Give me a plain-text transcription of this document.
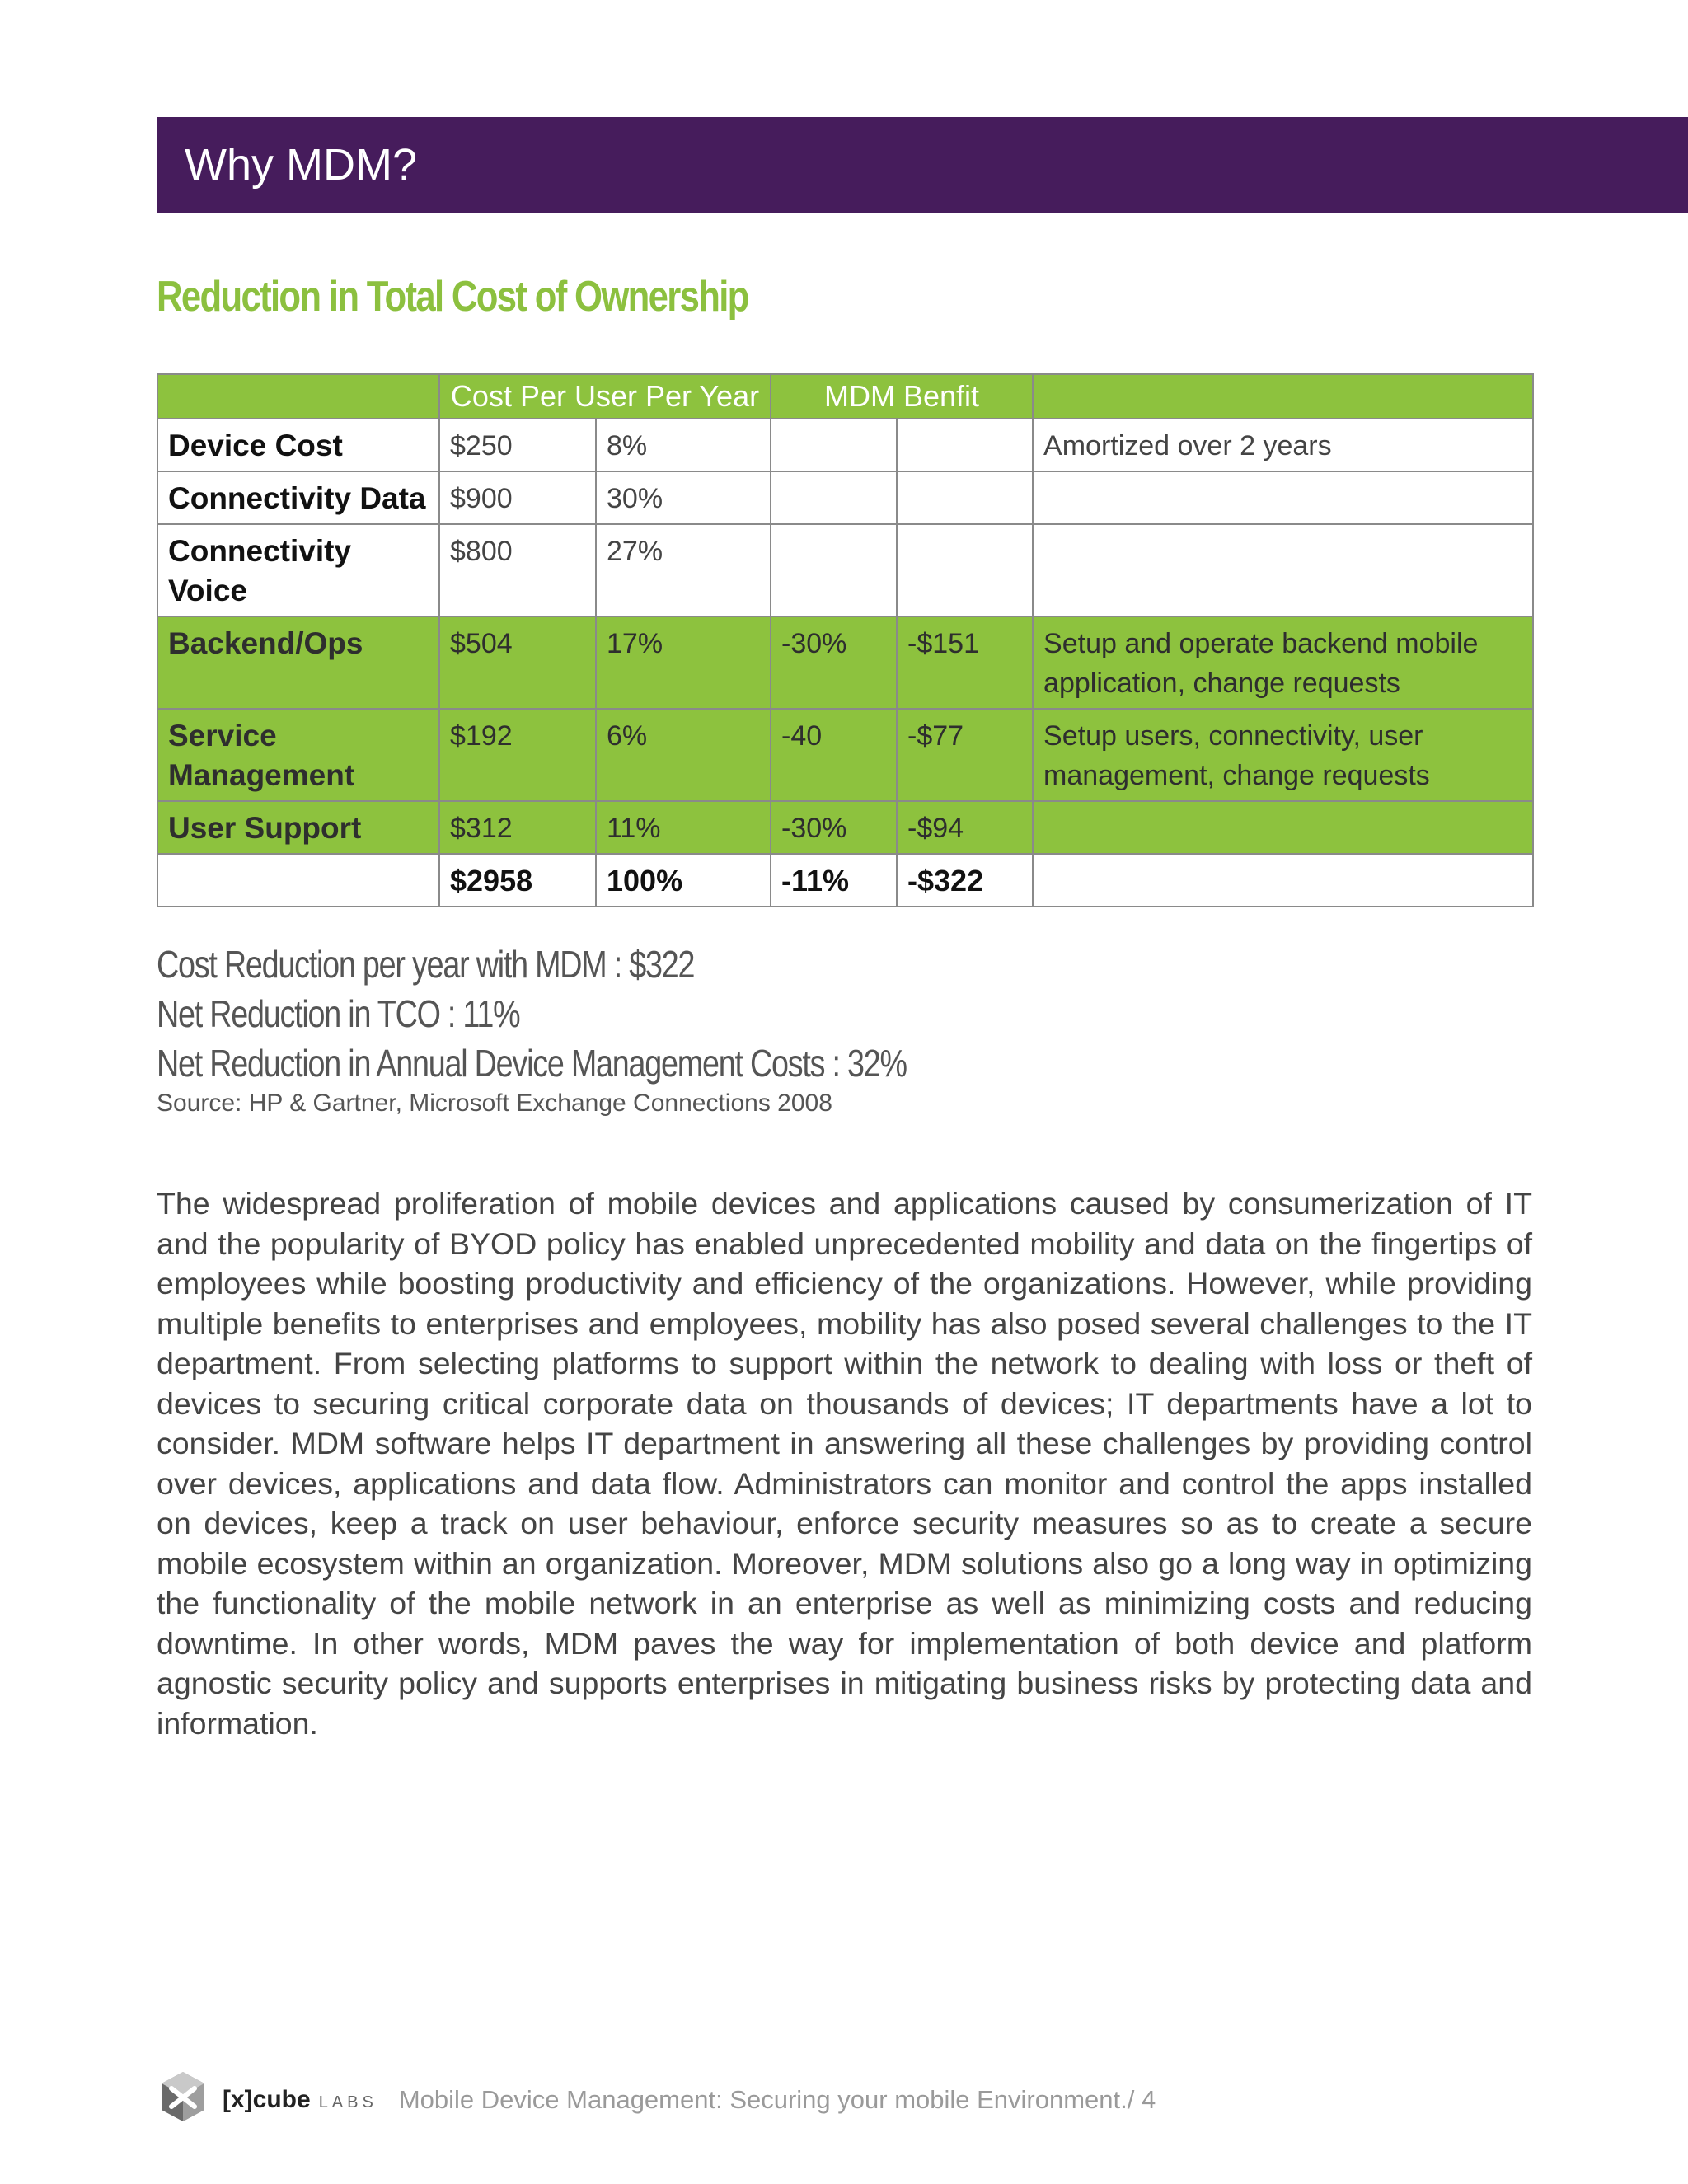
Why MDM?
Reduction in Total Cost of Ownership
	Cost Per User Per Year		MDM Benfit		
Device Cost	$250	8%			Amortized over 2 years
Connectivity Data	$900	30%			
Connectivity Voice	$800	27%			
Backend/Ops	$504	17%	-30%	-$151	Setup and operate backend mobile application, change requests
Service Management	$192	6%	-40	-$77	Setup users, connectivity, user management, change requests
User Support	$312	11%	-30%	-$94	
	$2958	100%	-11%	-$322	
Cost Reduction per year with MDM : $322
Net Reduction in TCO : 11%
Net Reduction in Annual Device Management Costs : 32%
Source: HP & Gartner, Microsoft Exchange Connections 2008

The widespread proliferation of mobile devices and applications caused by consumerization of IT and the popularity of BYOD policy has enabled unprecedented mobility and data on the fingertips of employees while boosting productivity and efficiency of the organizations. However, while providing multiple benefits to enterprises and employees, mobility has also posed several challenges to the IT department. From selecting platforms to support within the network to dealing with loss or theft of devices to securing critical corporate data on thousands of devices; IT departments have a lot to consider. MDM software helps IT department in answering all these challenges by providing control over devices, applications and data flow. Administrators can monitor and control the apps installed on devices, keep a track on user behaviour, enforce security measures so as to create a secure mobile ecosystem within an organization. Moreover, MDM solutions also go a long way in optimizing the functionality of the mobile network in an enterprise as well as minimizing costs and reducing downtime. In other words, MDM paves the way for implementation of both device and platform agnostic security policy and supports enterprises in mitigating business risks by protecting data and information.

[x]cube LABS Mobile Device Management: Securing your mobile Environment./ 4
